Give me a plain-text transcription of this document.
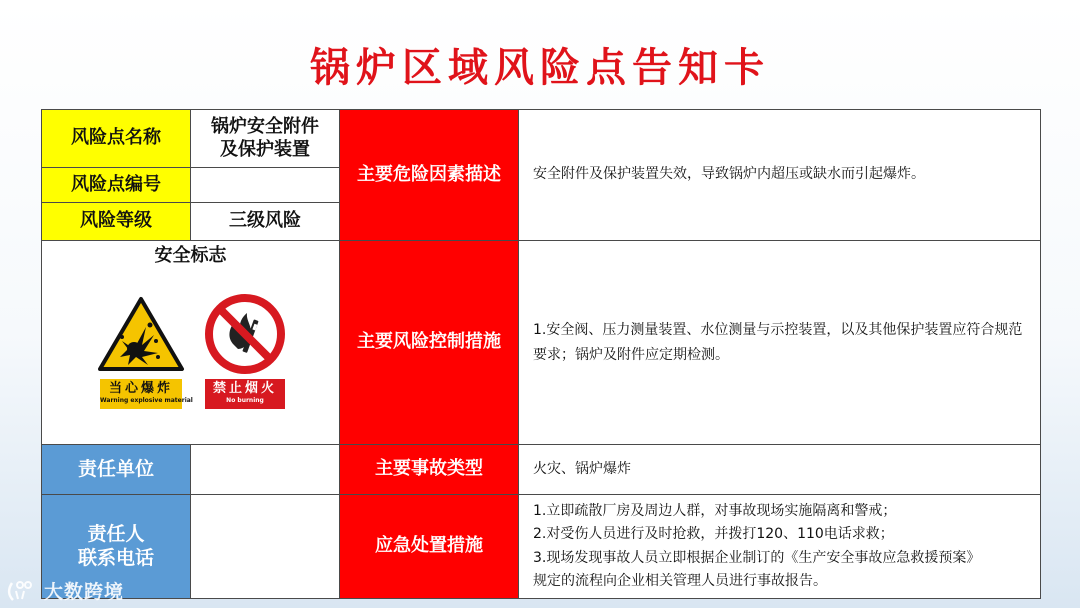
锅炉区域风险点告知卡
风险点名称
锅炉安全附件
及保护装置
风险点编号
风险等级	三级风险
安全标志
当心爆炸
Warning explosive material
禁止烟火
No burning
责任单位
责任人
联系电话
主要危险因素描述
主要风险控制措施
主要事故类型
应急处置措施
安全附件及保护装置失效，导致锅炉内超压或缺水而引起爆炸。
1.安全阀、压力测量装置、水位测量与示控装置，以及其他保护装置应符合规范要求；锅炉及附件应定期检测。
火灾、锅炉爆炸
1.立即疏散厂房及周边人群，对事故现场实施隔离和警戒；
2.对受伤人员进行及时抢救，并拨打120、110电话求救；
3.现场发现事故人员立即根据企业制订的《生产安全事故应急救援预案》
规定的流程向企业相关管理人员进行事故报告。
大数跨境
